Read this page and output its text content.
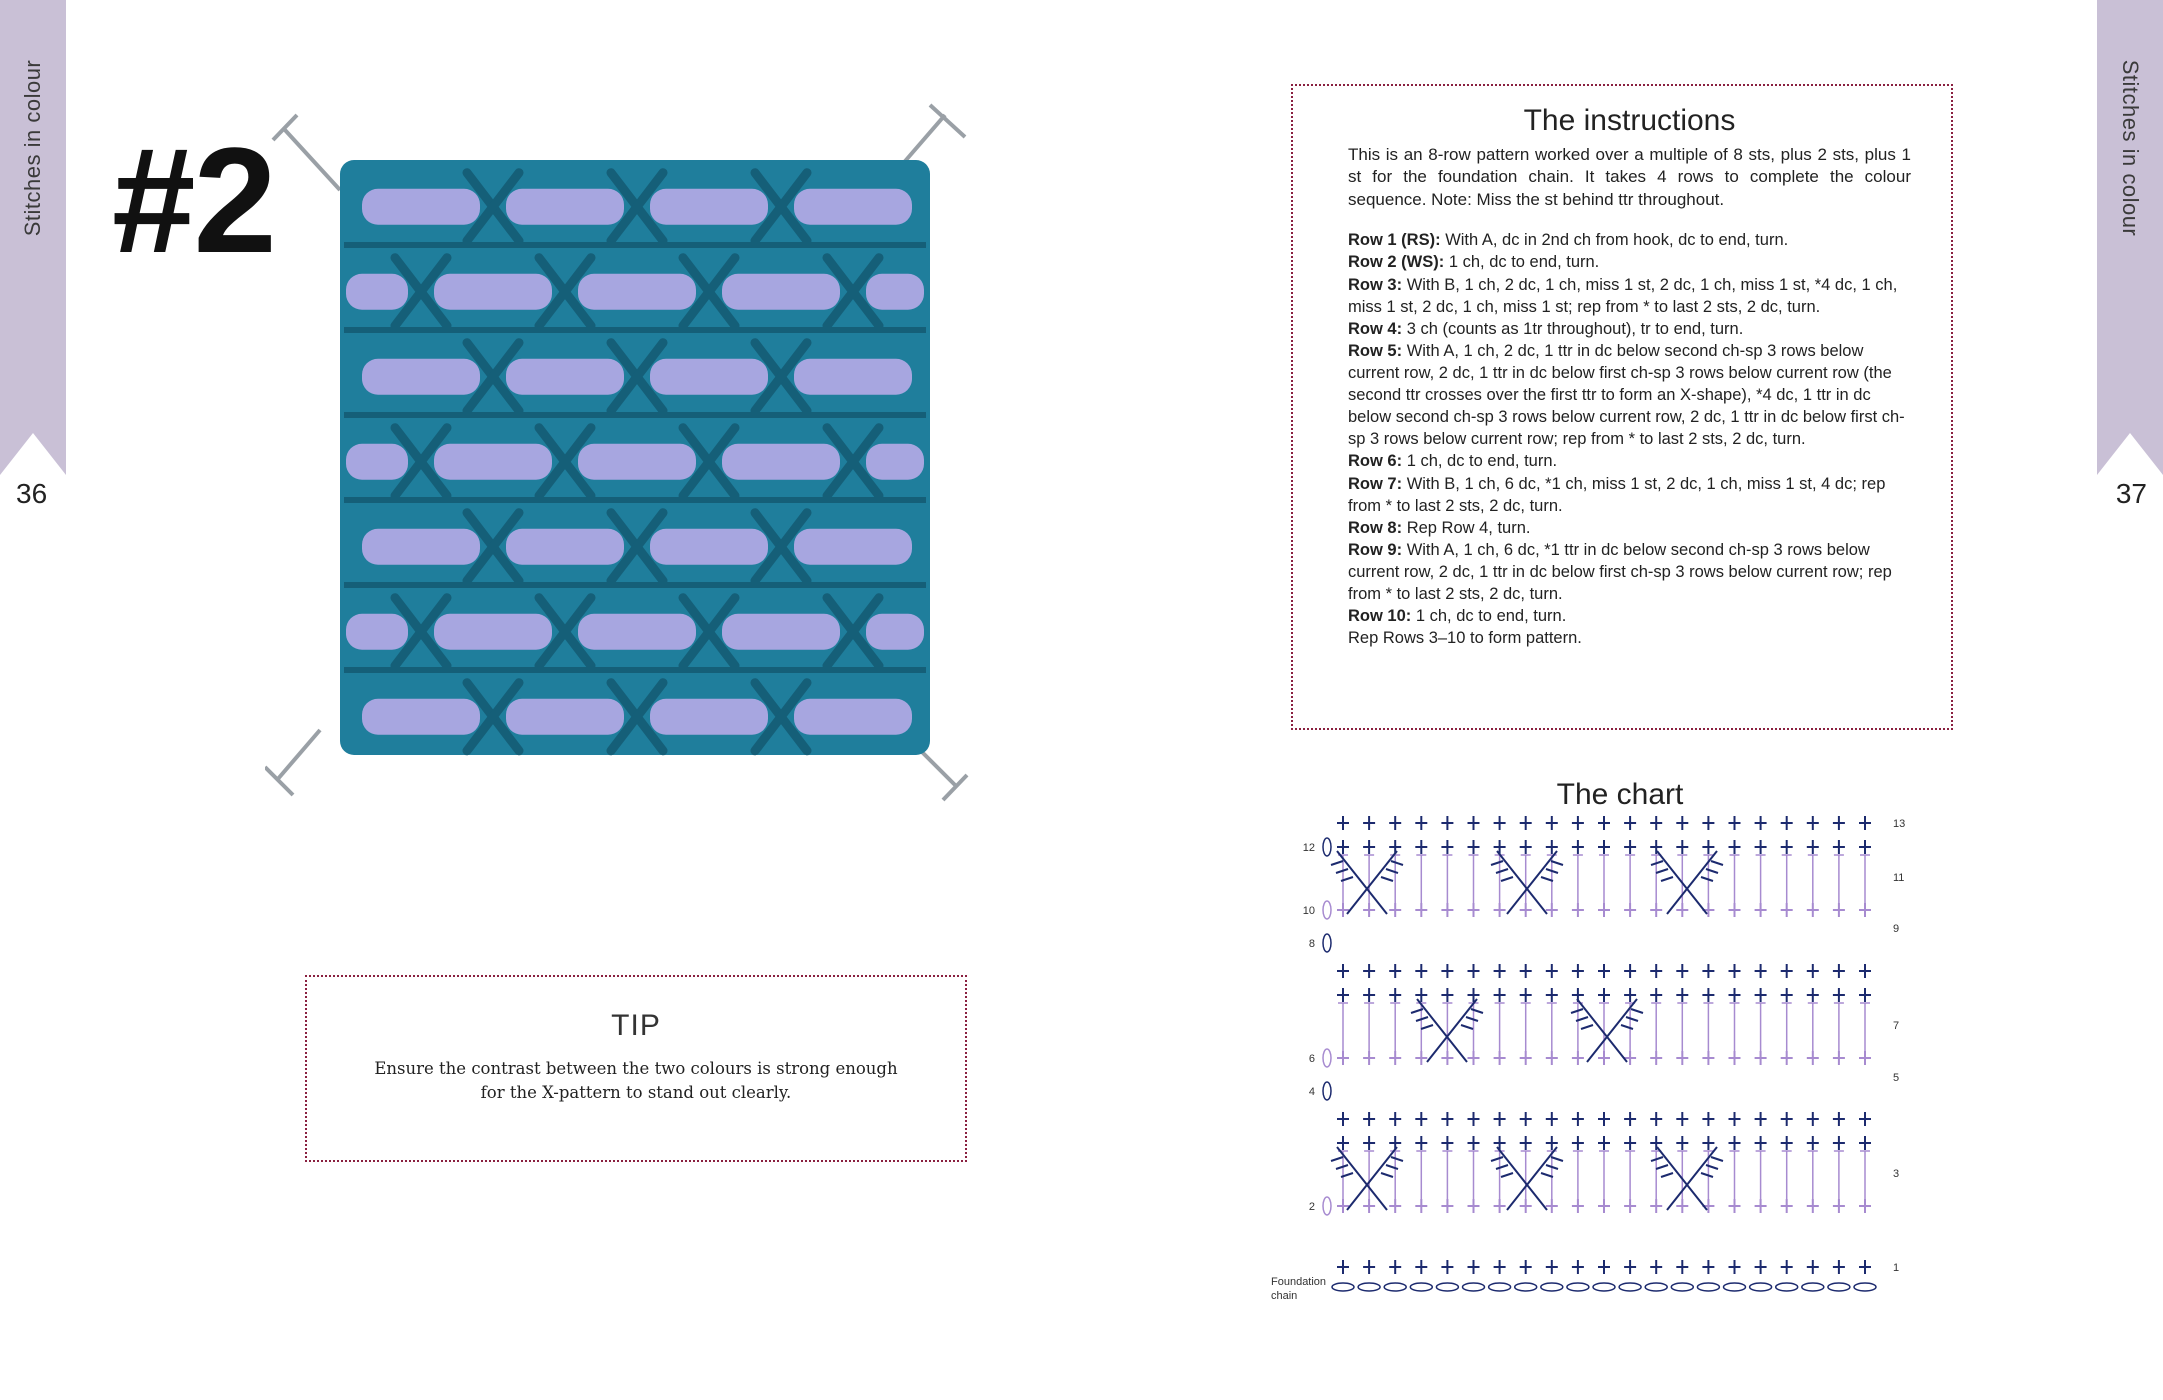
Stitches in colour
36
Stitches in colour
37
#2
TIP
Ensure the contrast between the two colours is strong enough for the X-pattern to stand out clearly.
The instructions

This is an 8-row pattern worked over a multiple of 8 sts, plus 2 sts, plus 1 st for the foundation chain. It takes 4 rows to complete the colour sequence. Note: Miss the st behind ttr throughout.

Row 1 (RS): With A, dc in 2nd ch from hook, dc to end, turn.

Row 2 (WS): 1 ch, dc to end, turn.

Row 3: With B, 1 ch, 2 dc, 1 ch, miss 1 st, 2 dc, 1 ch, miss 1 st, *4 dc, 1 ch, miss 1 st, 2 dc, 1 ch, miss 1 st; rep from * to last 2 sts, 2 dc, turn.

Row 4: 3 ch (counts as 1tr throughout), tr to end, turn.

Row 5: With A, 1 ch, 2 dc, 1 ttr in dc below second ch-sp 3 rows below current row, 2 dc, 1 ttr in dc below first ch-sp 3 rows below current row (the second ttr crosses over the first ttr to form an X-shape), *4 dc, 1 ttr in dc below second ch-sp 3 rows below current row, 2 dc, 1 ttr in dc below first ch-sp 3 rows below current row; rep from * to last 2 sts, 2 dc, turn.

Row 6: 1 ch, dc to end, turn.

Row 7: With B, 1 ch, 6 dc, *1 ch, miss 1 st, 2 dc, 1 ch, miss 1 st, 4 dc; rep from * to last 2 sts, 2 dc, turn.

Row 8: Rep Row 4, turn.

Row 9: With A, 1 ch, 6 dc, *1 ttr in dc below second ch-sp 3 rows below current row, 2 dc, 1 ttr in dc below first ch-sp 3 rows below current row; rep from * to last 2 sts, 2 dc, turn.

Row 10: 1 ch, dc to end, turn.

Rep Rows 3–10 to form pattern.

The chart
12
10
8
6
4
2
13
11
9
7
5
3
1
Foundation
chain
